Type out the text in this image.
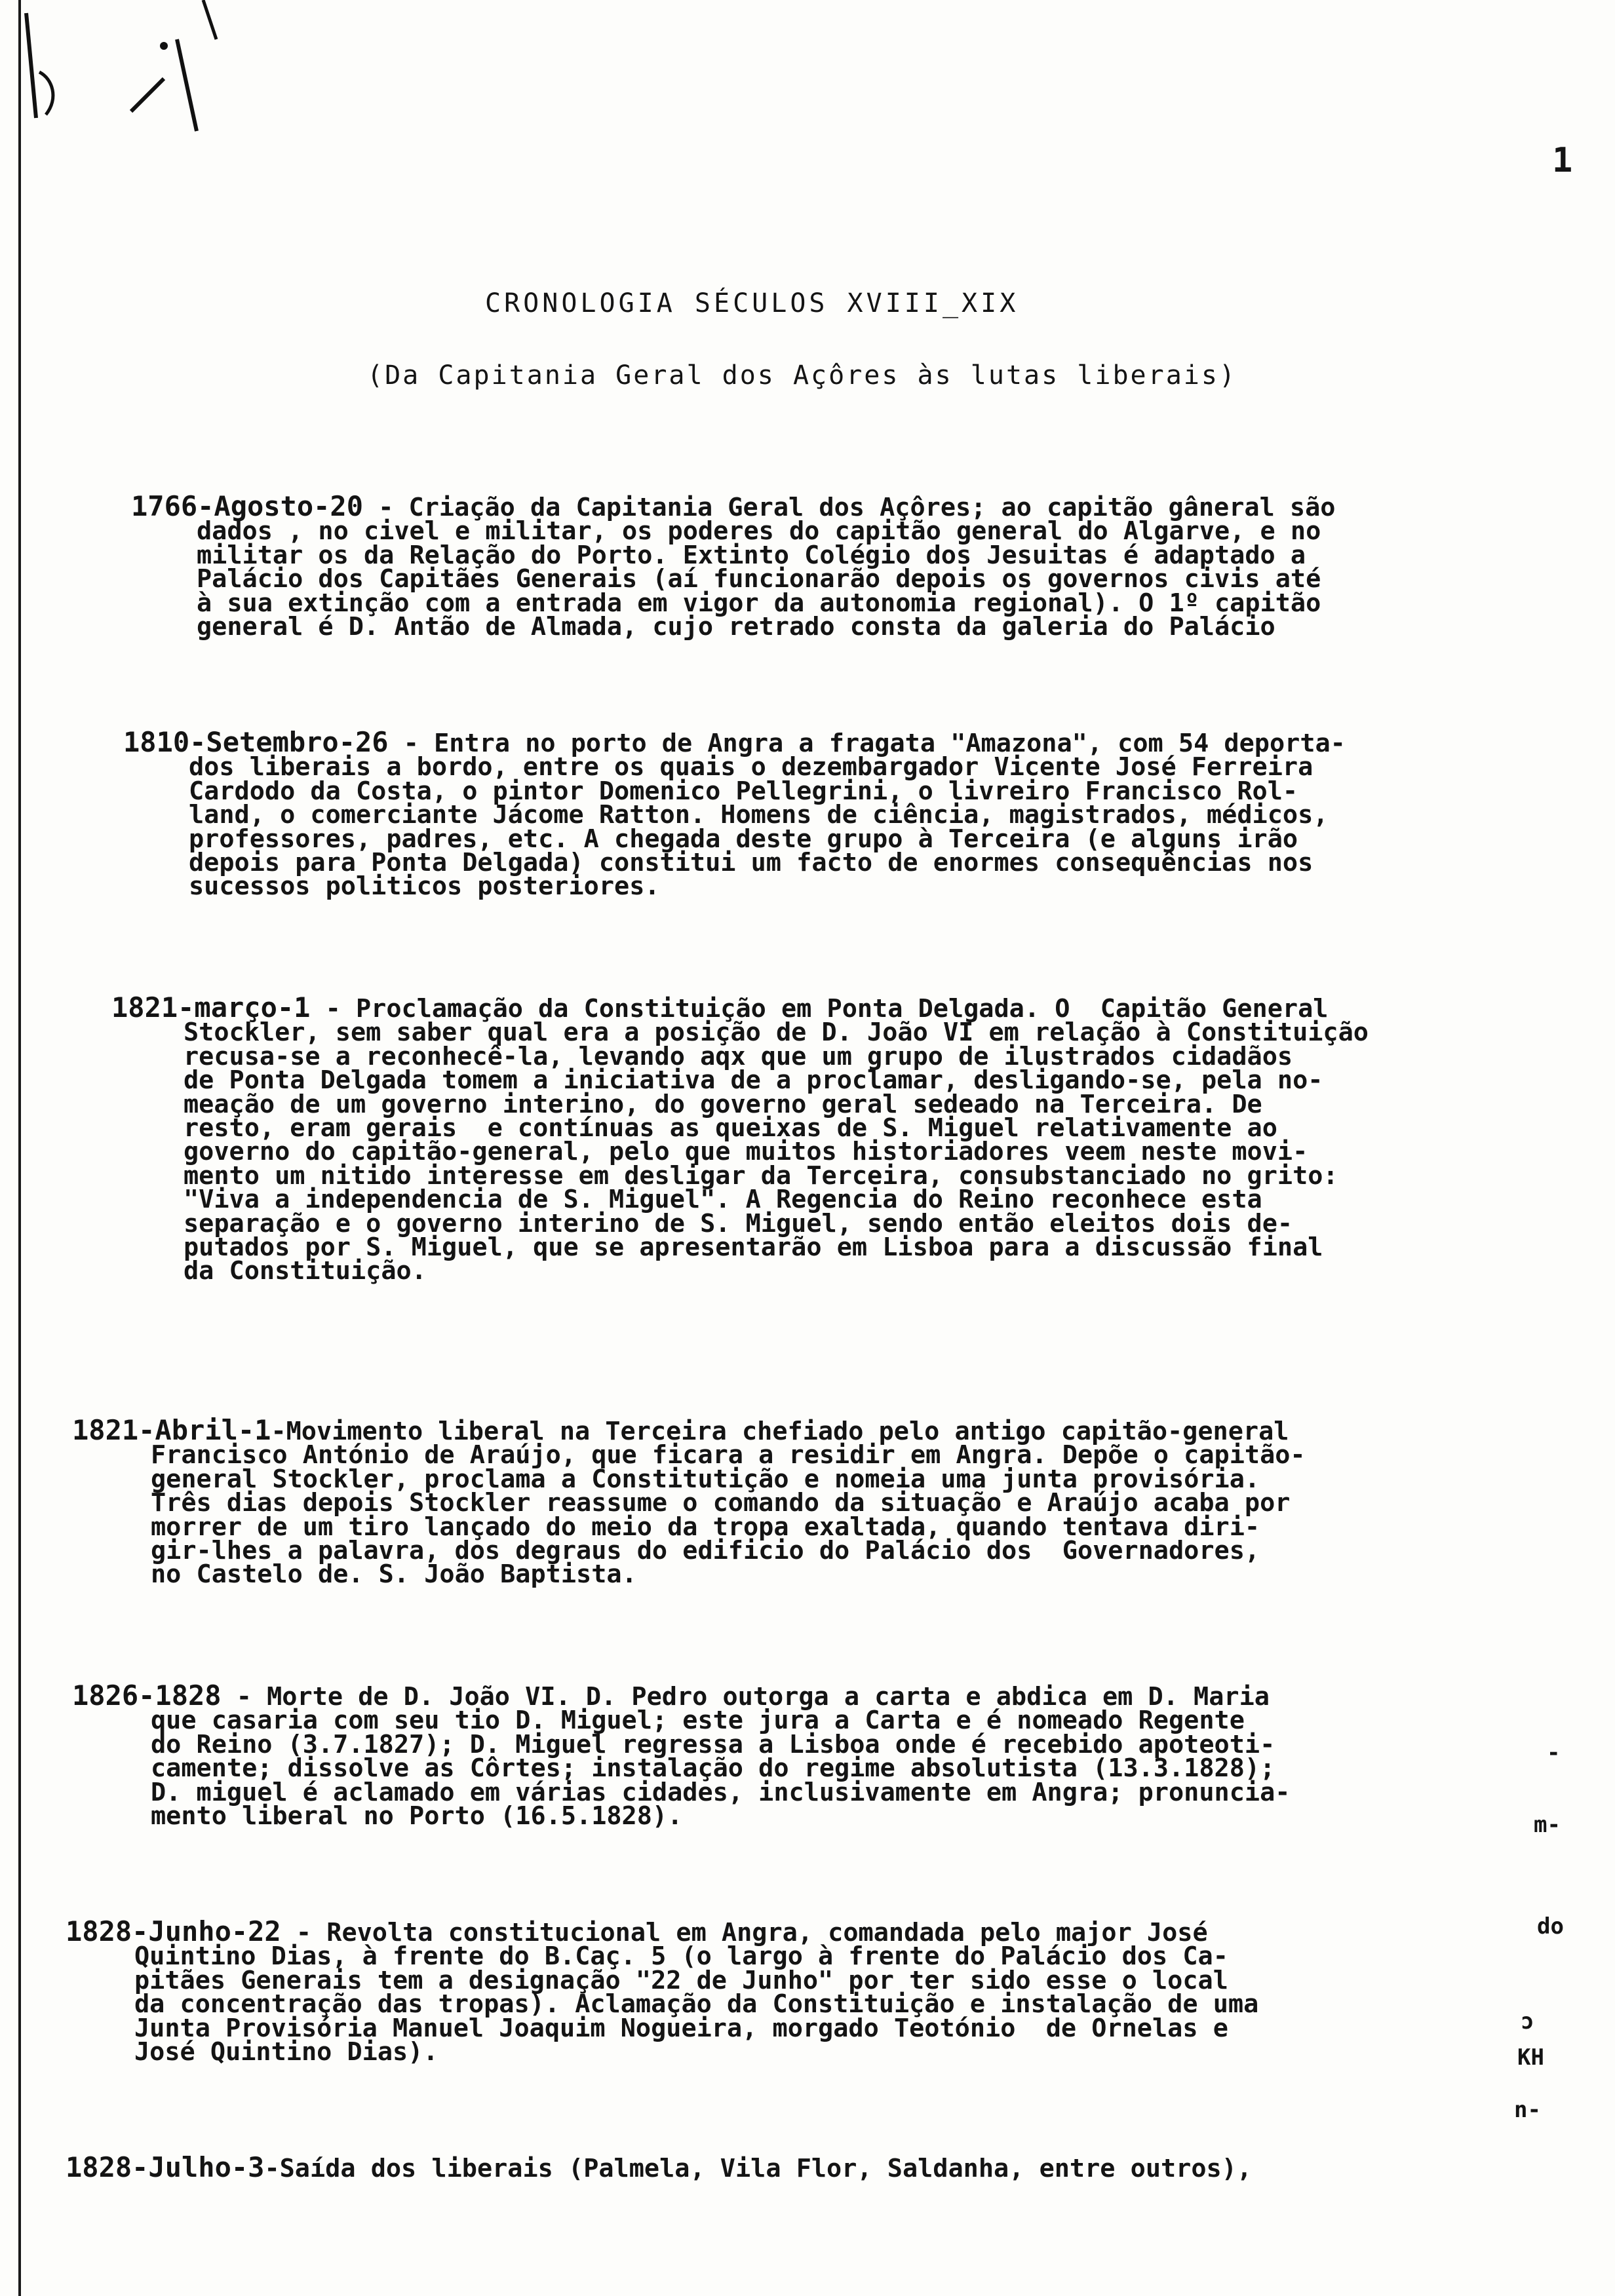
1
CRONOLOGIA SÉCULOS XVIII_XIX
(Da Capitania Geral dos Açôres às lutas liberais)
1766-Agosto-20 - Criação da Capitania Geral dos Açôres; ao capitão gâneral são
dados , no civel e militar, os poderes do capitão general do Algarve, e no
militar os da Relação do Porto. Extinto Colégio dos Jesuitas é adaptado a
Palácio dos Capitães Generais (aí funcionarão depois os governos civis até
à sua extinção com a entrada em vigor da autonomia regional). O 1º capitão
general é D. Antão de Almada, cujo retrado consta da galeria do Palácio
1810-Setembro-26 - Entra no porto de Angra a fragata "Amazona", com 54 deporta-
dos liberais a bordo, entre os quais o dezembargador Vicente José Ferreira
Cardodo da Costa, o pintor Domenico Pellegrini, o livreiro Francisco Rol-
land, o comerciante Jácome Ratton. Homens de ciência, magistrados, médicos,
professores, padres, etc. A chegada deste grupo à Terceira (e alguns irão
depois para Ponta Delgada) constitui um facto de enormes consequências nos
sucessos politicos posteriores.
1821-março-1 - Proclamação da Constituição em Ponta Delgada. O  Capitão General
Stockler, sem saber qual era a posição de D. João VI em relação à Constituição
recusa-se a reconhecê-la, levando aqx que um grupo de ilustrados cidadãos
de Ponta Delgada tomem a iniciativa de a proclamar, desligando-se, pela no-
meação de um governo interino, do governo geral sedeado na Terceira. De
resto, eram gerais  e contínuas as queixas de S. Miguel relativamente ao
governo do capitão-general, pelo que muitos historiadores veem neste movi-
mento um nitido interesse em desligar da Terceira, consubstanciado no grito:
"Viva a independencia de S. Miguel". A Regencia do Reino reconhece esta
separação e o governo interino de S. Miguel, sendo então eleitos dois de-
putados por S. Miguel, que se apresentarão em Lisboa para a discussão final
da Constituição.
1821-Abril-1-Movimento liberal na Terceira chefiado pelo antigo capitão-general
Francisco António de Araújo, que ficara a residir em Angra. Depõe o capitão-
general Stockler, proclama a Constitutição e nomeia uma junta provisória.
Três dias depois Stockler reassume o comando da situação e Araújo acaba por
morrer de um tiro lançado do meio da tropa exaltada, quando tentava diri-
gir-lhes a palavra, dos degraus do edificio do Palácio dos  Governadores,
no Castelo de. S. João Baptista.
1826-1828 - Morte de D. João VI. D. Pedro outorga a carta e abdica em D. Maria
que casaria com seu tio D. Miguel; este jura a Carta e é nomeado Regente
do Reino (3.7.1827); D. Miguel regressa a Lisboa onde é recebido apoteoti-
camente; dissolve as Côrtes; instalação do regime absolutista (13.3.1828);
D. miguel é aclamado em várias cidades, inclusivamente em Angra; pronuncia-
mento liberal no Porto (16.5.1828).
1828-Junho-22 - Revolta constitucional em Angra, comandada pelo major José
Quintino Dias, à frente do B.Caç. 5 (o largo à frente do Palácio dos Ca-
pitães Generais tem a designação "22 de Junho" por ter sido esse o local
da concentração das tropas). Aclamação da Constituição e instalação de uma
Junta Provisória Manuel Joaquim Nogueira, morgado Teotónio  de Ornelas e
José Quintino Dias).
1828-Julho-3-Saída dos liberais (Palmela, Vila Flor, Saldanha, entre outros),
-
m-
do
ɔ
KH
n-
